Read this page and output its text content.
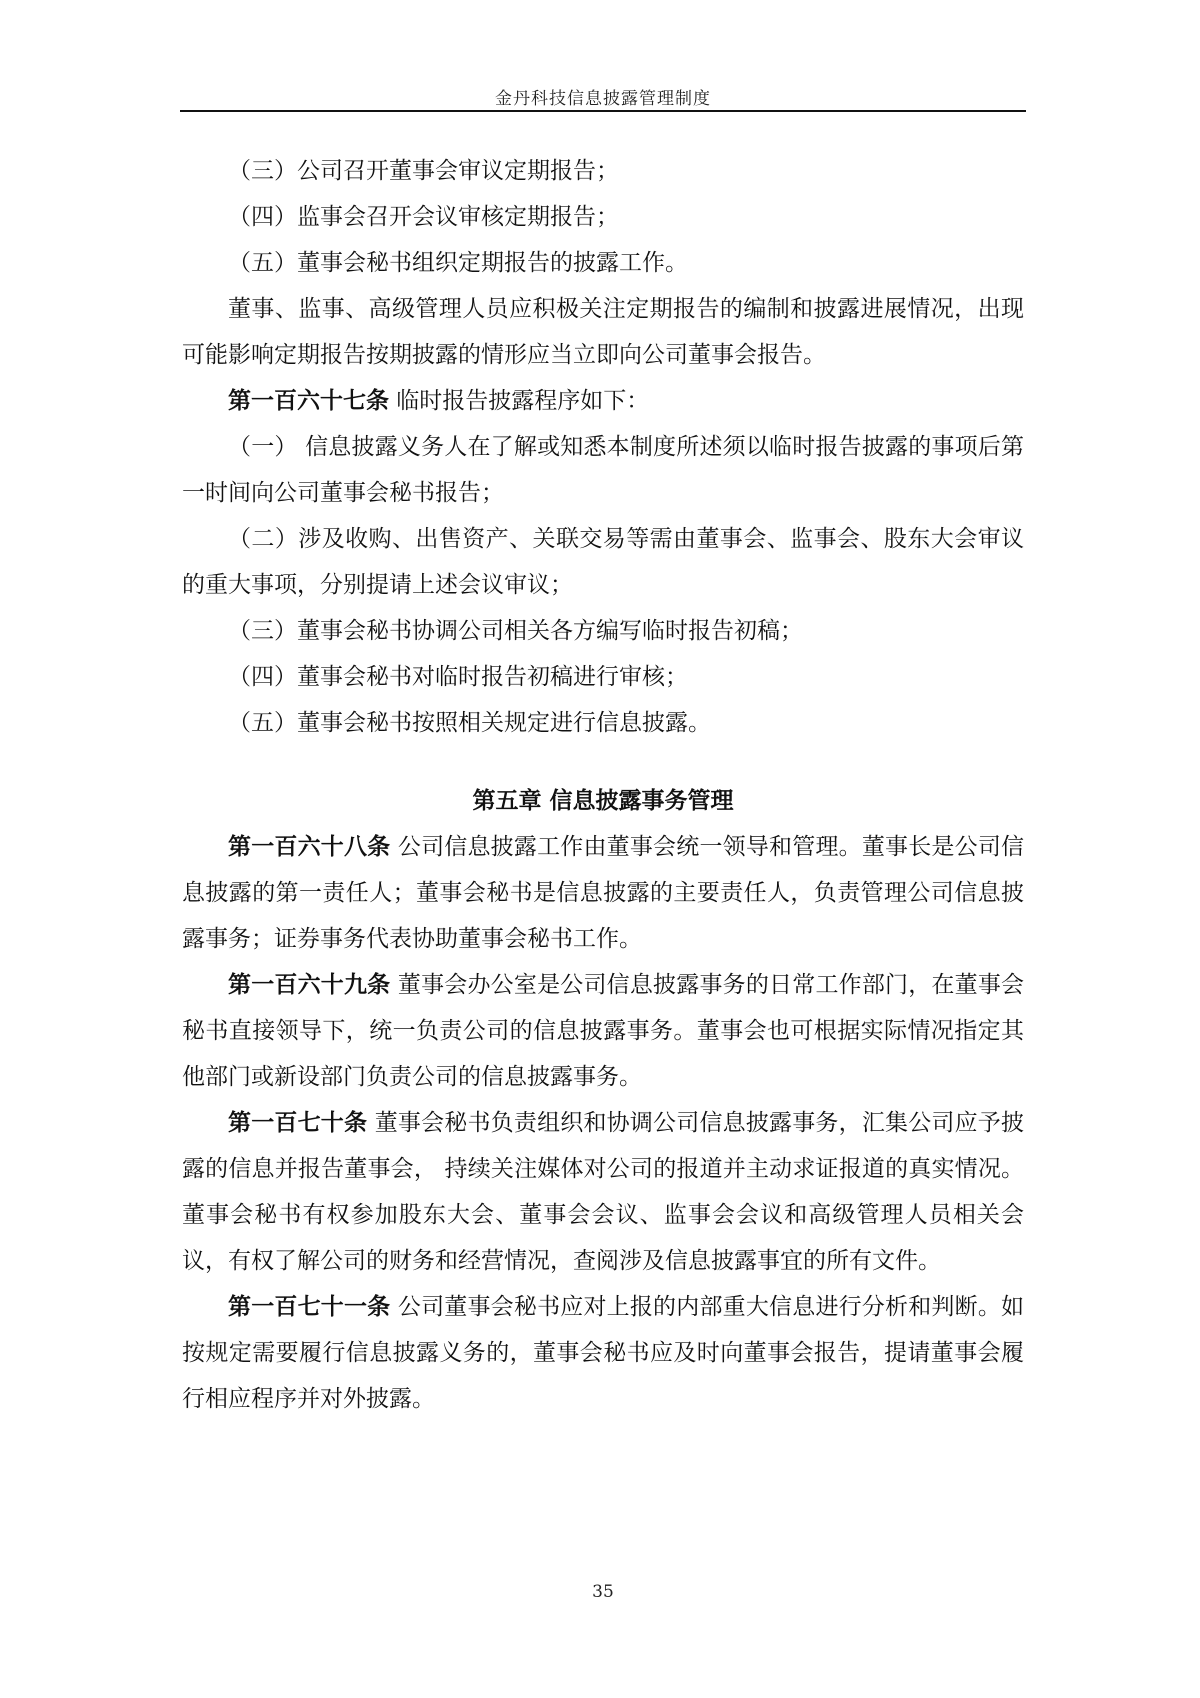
金丹科技信息披露管理制度

（三）公司召开董事会审议定期报告；

（四）监事会召开会议审核定期报告；

（五）董事会秘书组织定期报告的披露工作。

董事、监事、高级管理人员应积极关注定期报告的编制和披露进展情况，出现可能影响定期报告按期披露的情形应当立即向公司董事会报告。

第一百六十七条 临时报告披露程序如下：

（一） 信息披露义务人在了解或知悉本制度所述须以临时报告披露的事项后第一时间向公司董事会秘书报告；

（二）涉及收购、出售资产、关联交易等需由董事会、监事会、股东大会审议的重大事项，分别提请上述会议审议；

（三）董事会秘书协调公司相关各方编写临时报告初稿；

（四）董事会秘书对临时报告初稿进行审核；

（五）董事会秘书按照相关规定进行信息披露。

第五章 信息披露事务管理

第一百六十八条 公司信息披露工作由董事会统一领导和管理。董事长是公司信息披露的第一责任人；董事会秘书是信息披露的主要责任人，负责管理公司信息披露事务；证券事务代表协助董事会秘书工作。

第一百六十九条 董事会办公室是公司信息披露事务的日常工作部门，在董事会秘书直接领导下，统一负责公司的信息披露事务。董事会也可根据实际情况指定其他部门或新设部门负责公司的信息披露事务。

第一百七十条 董事会秘书负责组织和协调公司信息披露事务，汇集公司应予披露的信息并报告董事会， 持续关注媒体对公司的报道并主动求证报道的真实情况。董事会秘书有权参加股东大会、董事会会议、监事会会议和高级管理人员相关会议，有权了解公司的财务和经营情况，查阅涉及信息披露事宜的所有文件。

第一百七十一条 公司董事会秘书应对上报的内部重大信息进行分析和判断。如按规定需要履行信息披露义务的，董事会秘书应及时向董事会报告，提请董事会履行相应程序并对外披露。

35
